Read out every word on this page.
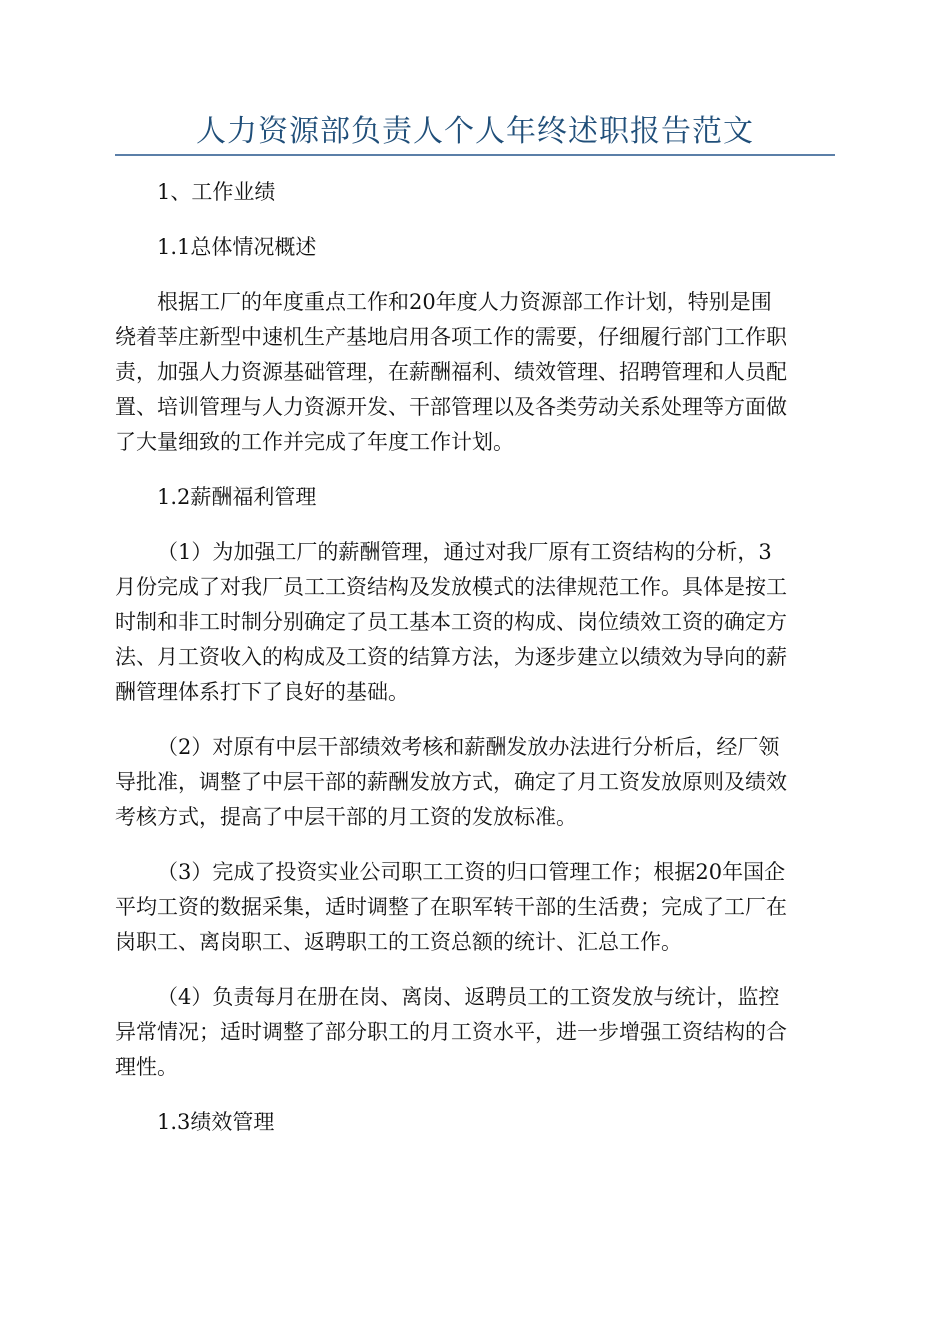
人力资源部负责人个人年终述职报告范文
1、工作业绩
1.1总体情况概述
根据工厂的年度重点工作和20年度人力资源部工作计划，特别是围
绕着莘庄新型中速机生产基地启用各项工作的需要，仔细履行部门工作职
责，加强人力资源基础管理，在薪酬福利、绩效管理、招聘管理和人员配
置、培训管理与人力资源开发、干部管理以及各类劳动关系处理等方面做
了大量细致的工作并完成了年度工作计划。
1.2薪酬福利管理
（1）为加强工厂的薪酬管理，通过对我厂原有工资结构的分析，3
月份完成了对我厂员工工资结构及发放模式的法律规范工作。具体是按工
时制和非工时制分别确定了员工基本工资的构成、岗位绩效工资的确定方
法、月工资收入的构成及工资的结算方法，为逐步建立以绩效为导向的薪
酬管理体系打下了良好的基础。
（2）对原有中层干部绩效考核和薪酬发放办法进行分析后，经厂领
导批准，调整了中层干部的薪酬发放方式，确定了月工资发放原则及绩效
考核方式，提高了中层干部的月工资的发放标准。
（3）完成了投资实业公司职工工资的归口管理工作；根据20年国企
平均工资的数据采集，适时调整了在职军转干部的生活费；完成了工厂在
岗职工、离岗职工、返聘职工的工资总额的统计、汇总工作。
（4）负责每月在册在岗、离岗、返聘员工的工资发放与统计，监控
异常情况；适时调整了部分职工的月工资水平，进一步增强工资结构的合
理性。
1.3绩效管理
